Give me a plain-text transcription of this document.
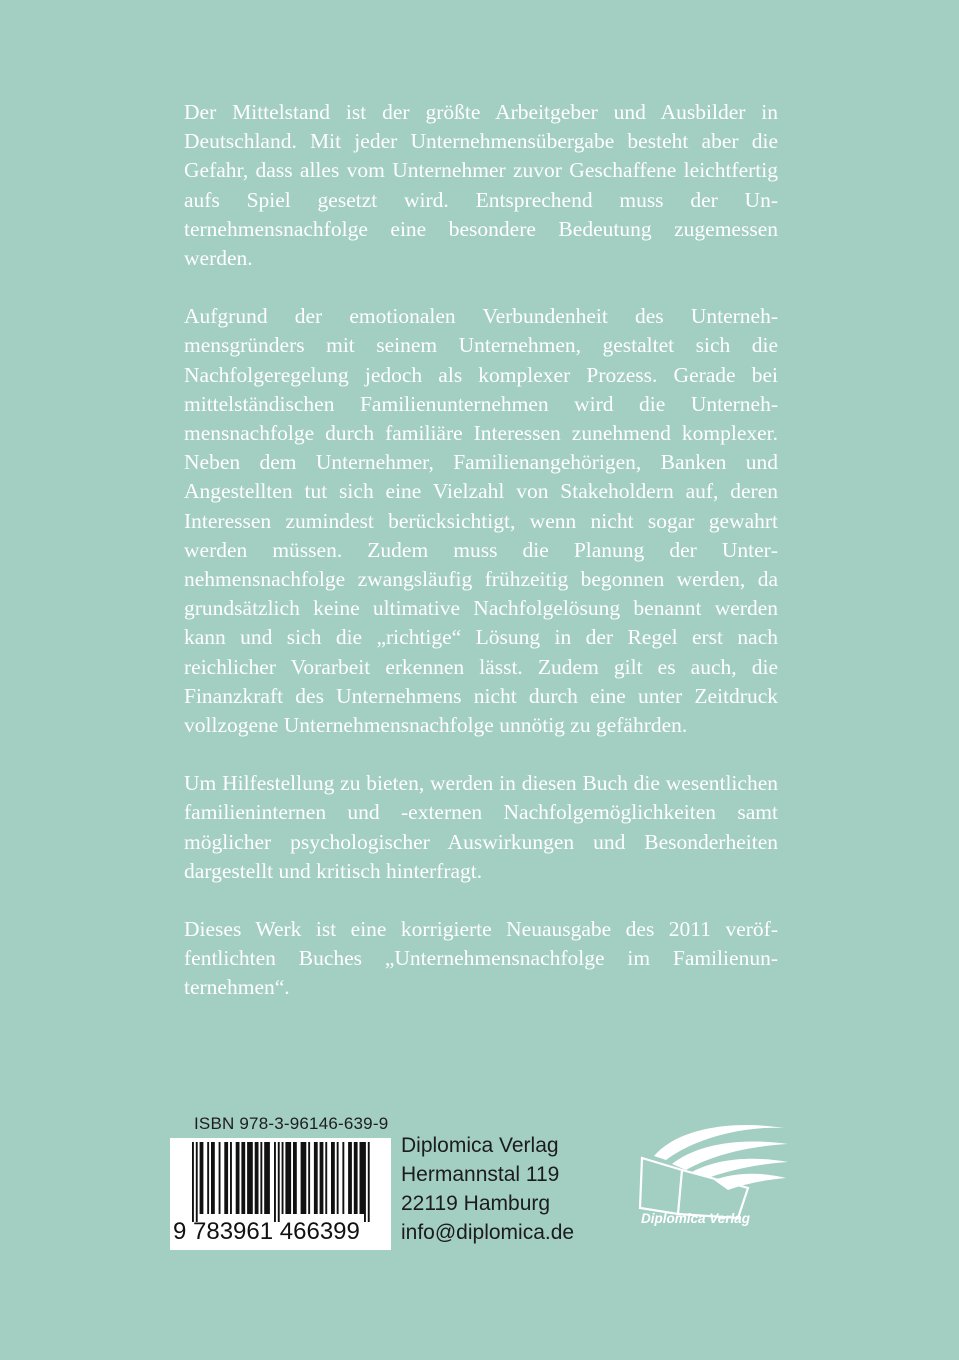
Der Mittelstand ist der größte Arbeitgeber und Ausbilder in Deutschland. Mit jeder Unternehmensübergabe besteht aber die Gefahr, dass alles vom Unternehmer zuvor Geschaffene leichtfertig aufs Spiel gesetzt wird. Entsprechend muss der Unternehmensnachfolge eine besondere Bedeutung zugemessen werden.

Aufgrund der emotionalen Verbundenheit des Unternehmensgründers mit seinem Unternehmen, gestaltet sich die Nachfolgeregelung jedoch als komplexer Prozess. Gerade bei mittelständischen Familienunternehmen wird die Unternehmensnachfolge durch familiäre Interessen zunehmend komplexer. Neben dem Unternehmer, Familienangehörigen, Banken und Angestellten tut sich eine Vielzahl von Stakeholdern auf, deren Interessen zumindest berücksichtigt, wenn nicht sogar gewahrt werden müssen. Zudem muss die Planung der Unternehmensnachfolge zwangsläufig frühzeitig begonnen werden, da grundsätzlich keine ultimative Nachfolgelösung benannt werden kann und sich die „richtige“ Lösung in der Regel erst nach reichlicher Vorarbeit erkennen lässt. Zudem gilt es auch, die Finanzkraft des Unternehmens nicht durch eine unter Zeitdruck vollzogene Unternehmensnachfolge unnötig zu gefährden.

Um Hilfestellung zu bieten, werden in diesen Buch die wesentlichen familieninternen und -externen Nachfolgemöglichkeiten samt möglicher psychologischer Auswirkungen und Besonderheiten dargestellt und kritisch hinterfragt.

Dieses Werk ist eine korrigierte Neuausgabe des 2011 veröffentlichten Buches „Unternehmensnachfolge im Familienunternehmen“.

ISBN 978-3-96146-639-9
9 783961 466399
Diplomica Verlag
Hermannstal 119
22119 Hamburg
info@diplomica.de
Diplomica Verlag
